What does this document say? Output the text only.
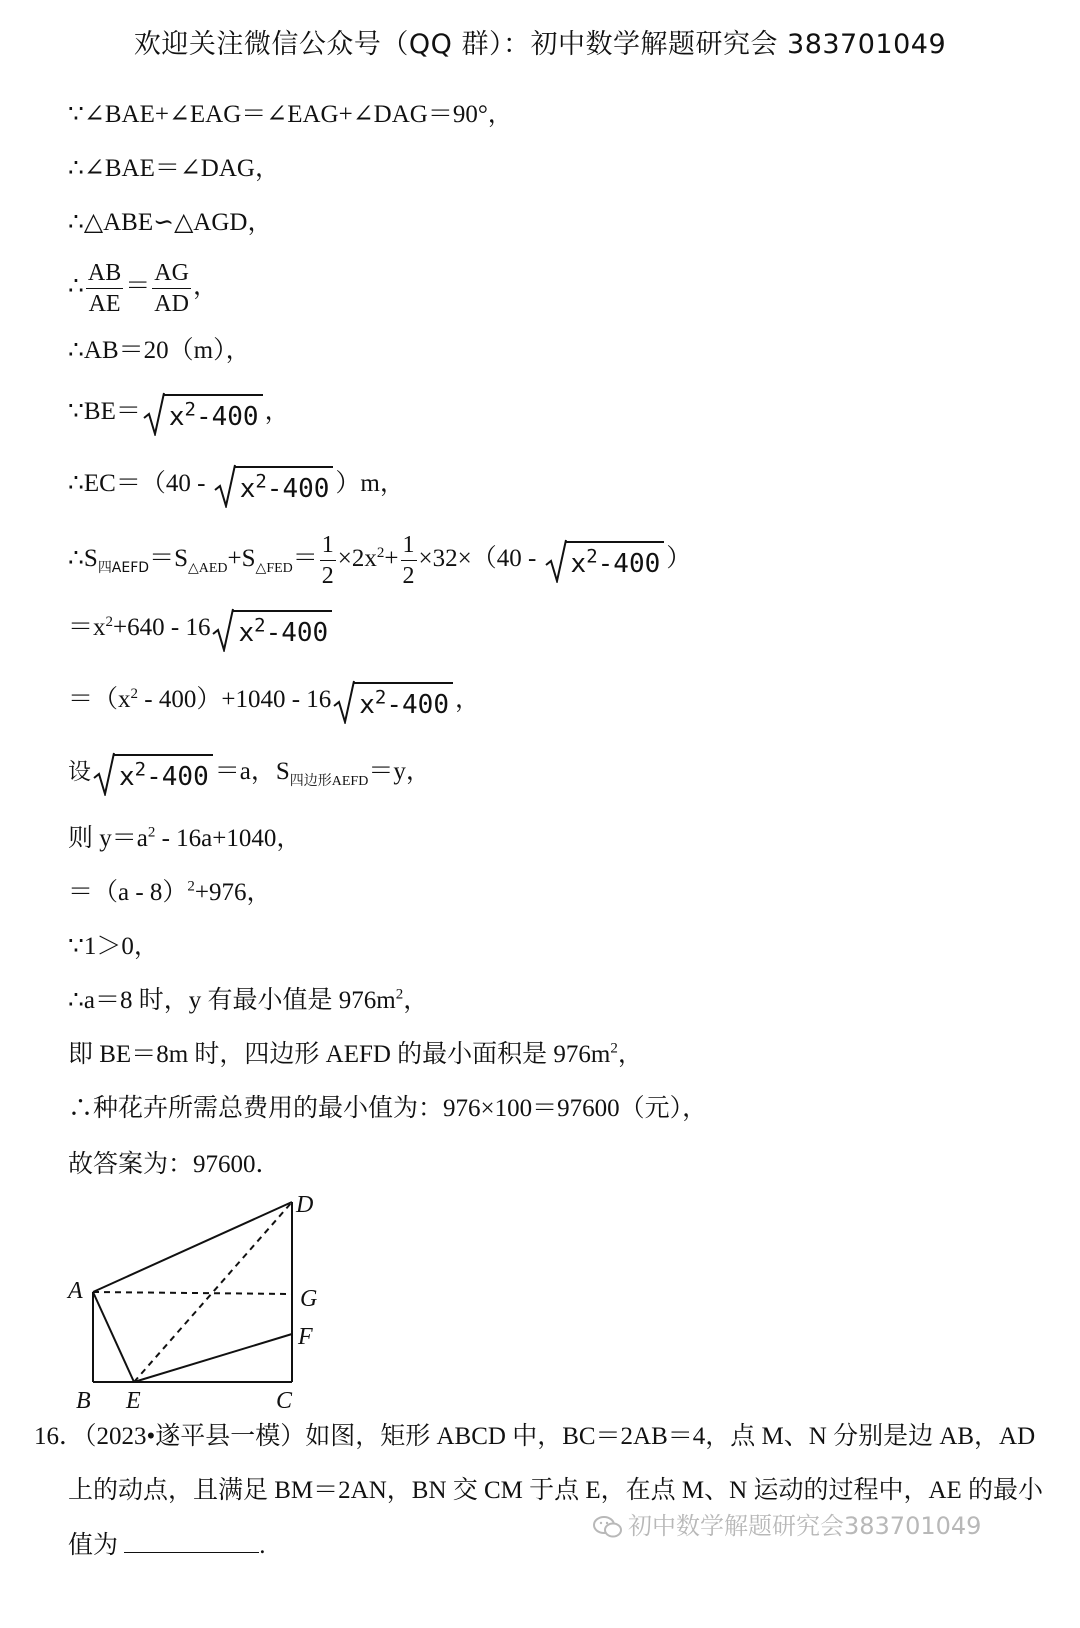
欢迎关注微信公众号（QQ 群）：初中数学解题研究会 383701049
∵∠BAE+∠EAG＝∠EAG+∠DAG＝90°，
∴∠BAE＝∠DAG，
∴△ABE∽△AGD，
∴ $\frac{AB}{AE} = \frac{AG}{AD}$ ，
∴AB＝20（m），
∵BE＝ $x^2-400$ ，
∴EC＝（40 -
$x^2-400$ ）m，
$\therefore S_{四AEFD}=S_{\triangle AED}+S_{\triangle FED}= \frac{1}{2} \times 2x^2+ \frac{1}{2} \times 32\times(40$ -
$x^2-400$ ）
$=x^2+640 - 16$ $x^2-400$
$=(x^2 - 400)+1040 - 16$ $x^2-400$ ，
设 $x^2-400 =a$，$S_{四边形AEFD}=y$，
则 $y=a^2 - 16a+1040$，
＝（a - 8）$^2$+976，
∵1＞0，
∴a＝8 时，y 有最小值是 $976m^2$，
即 BE＝8m 时，四边形 AEFD 的最小面积是 $976m^2$，
∴种花卉所需总费用的最小值为：976×100＝97600（元），
故答案为：97600．
A
B	C
D
E
F
G
16．（2023•遂平县一模）如图，矩形 ABCD 中，BC＝2AB＝4，点 M、N 分别是边 AB，AD
上的动点，且满足 BM＝2AN，BN 交 CM 于点 E，在点 M、N 运动的过程中，AE 的最小
值为	.
初中数学解题研究会383701049
